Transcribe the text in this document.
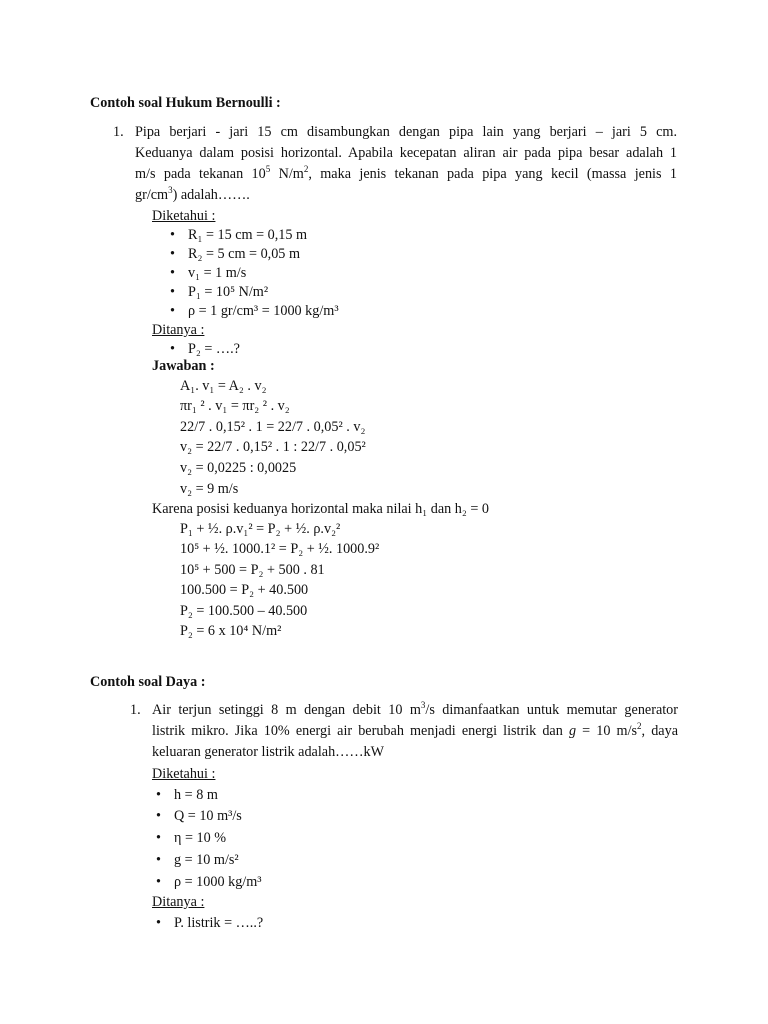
Contoh soal Hukum Bernoulli :
1. Pipa berjari - jari 15 cm disambungkan dengan pipa lain yang berjari – jari 5 cm.
Keduanya dalam posisi horizontal. Apabila kecepatan aliran air pada pipa besar adalah 1
m/s pada tekanan $10^5$ $N/m^2$, maka jenis tekanan pada pipa yang kecil (massa jenis 1
$gr/cm^3$) adalah…….
Diketahui :
• R₁ = 15 cm = 0,15 m
• R₂ = 5 cm = 0,05 m
• v₁ = 1 m/s
• P₁ = 10⁵ N/m²
• ρ = 1 gr/cm³ = 1000 kg/m³
Ditanya :
• P₂ = ….?
Jawaban :
A₁. v₁ = A₂ . v₂
πr₁ ² . v₁ = πr₂ ² . v₂
22/7 . 0,15² . 1 = 22/7 . 0,05² . v₂
v₂ = 22/7 . 0,15² . 1 : 22/7 . 0,05²
v₂ = 0,0225 : 0,0025
v₂ = 9 m/s
Karena posisi keduanya horizontal maka nilai h₁ dan h₂ = 0
P₁ + ½. ρ.v₁² = P₂ + ½. ρ.v₂²
10⁵ + ½. 1000.1² = P₂ + ½. 1000.9²
10⁵ + 500 = P₂ + 500 . 81
100.500 = P₂ + 40.500
P₂ = 100.500 – 40.500
P₂ = 6 x 10⁴ N/m²
Contoh soal Daya :
1. Air terjun setinggi 8 m dengan debit 10 $m^3/s$ dimanfaatkan untuk memutar generator
listrik mikro. Jika 10% energi air berubah menjadi energi listrik dan g = 10 $m/s^2$, daya
keluaran generator listrik adalah……kW
Diketahui :
• h = 8 m
• Q = 10 m³/s
• η = 10 %
• g = 10 m/s²
• ρ = 1000 kg/m³
Ditanya :
• P. listrik = …..?
